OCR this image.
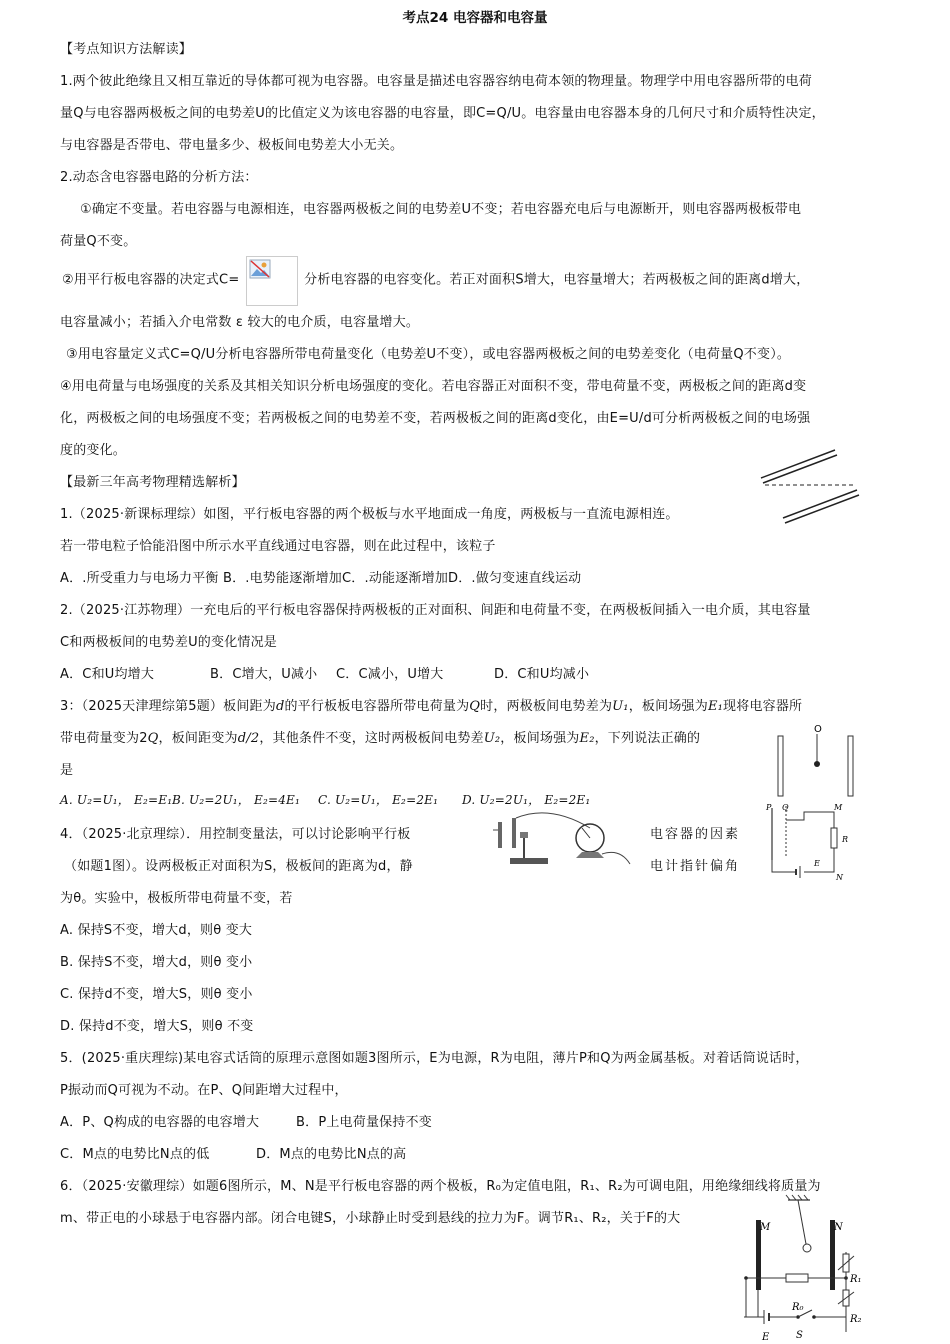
考点24 电容器和电容量
【考点知识方法解读】
1.两个彼此绝缘且又相互靠近的导体都可视为电容器。电容量是描述电容器容纳电荷本领的物理量。物理学中用电容器所带的电荷
量Q与电容器两极板之间的电势差U的比值定义为该电容器的电容量，即C=Q/U。电容量由电容器本身的几何尺寸和介质特性决定，
与电容器是否带电、带电量多少、极板间电势差大小无关。
2.动态含电容器电路的分析方法：
①确定不变量。若电容器与电源相连，电容器两极板之间的电势差U不变；若电容器充电后与电源断开，则电容器两极板带电
荷量Q不变。
②用平行板电容器的决定式C=	分析电容器的电容变化。若正对面积S增大，电容量增大；若两极板之间的距离d增大，
电容量减小；若插入介电常数 ε 较大的电介质，电容量增大。
③用电容量定义式C=Q/U分析电容器所带电荷量变化（电势差U不变），或电容器两极板之间的电势差变化（电荷量Q不变）。
④用电荷量与电场强度的关系及其相关知识分析电场强度的变化。若电容器正对面积不变，带电荷量不变，两极板之间的距离d变
化，两极板之间的电场强度不变；若两极板之间的电势差不变，若两极板之间的距离d变化，由E=U/d可分析两极板之间的电场强
度的变化。
【最新三年高考物理精选解析】
1.（2025·新课标理综）如图，平行板电容器的两个极板与水平地面成一角度，两极板与一直流电源相连。
若一带电粒子恰能沿图中所示水平直线通过电容器，则在此过程中，该粒子
A．.所受重力与电场力平衡 B．.电势能逐渐增加C．.动能逐渐增加D．.做匀变速直线运动
2.（2025·江苏物理）一充电后的平行板电容器保持两极板的正对面积、间距和电荷量不变，在两极板间插入一电介质，其电容量
C和两极板间的电势差U的变化情况是
A．C和U均增大	B．C增大，U减小 C．C减小，U增大	D．C和U均减小
3：（2025天津理综第5题）板间距为d的平行板板电容器所带电荷量为Q时，两极板间电势差为U₁，板间场强为E₁现将电容器所
带电荷量变为2Q，板间距变为d/2，其他条件不变，这时两极板间电势差U₂，板间场强为E₂，下列说法正确的
是
A. U₂=U₁， E₂=E₁B. U₂=2U₁， E₂=4E₁ C. U₂=U₁， E₂=2E₁ D. U₂=2U₁， E₂=2E₁
O
4．（2025·北京理综）．用控制变量法，可以讨论影响平行板	电容器的因素
（如题1图）。设两极板正对面积为S，极板间的距离为d，静	电计指针偏角
为θ。实验中，极板所带电荷量不变，若
A. 保持S不变，增大d，则θ 变大
B. 保持S不变，增大d，则θ 变小
C. 保持d不变，增大S，则θ 变小
D. 保持d不变，增大S，则θ 不变
P Q	M
R
E
N
5．(2025·重庆理综)某电容式话筒的原理示意图如题3图所示，E为电源，R为电阻，薄片P和Q为两金属基板。对着话筒说话时，
P振动而Q可视为不动。在P、Q间距增大过程中，
A．P、Q构成的电容器的电容增大	B．P上电荷量保持不变
C．M点的电势比N点的低	D．M点的电势比N点的高
6．（2025·安徽理综）如题6图所示，M、N是平行板电容器的两个极板，R₀为定值电阻，R₁、R₂为可调电阻，用绝缘细线将质量为
m、带正电的小球悬于电容器内部。闭合电键S，小球静止时受到悬线的拉力为F。调节R₁、R₂，关于F的大
M	N
R₁
R₀
R₂
E	S
